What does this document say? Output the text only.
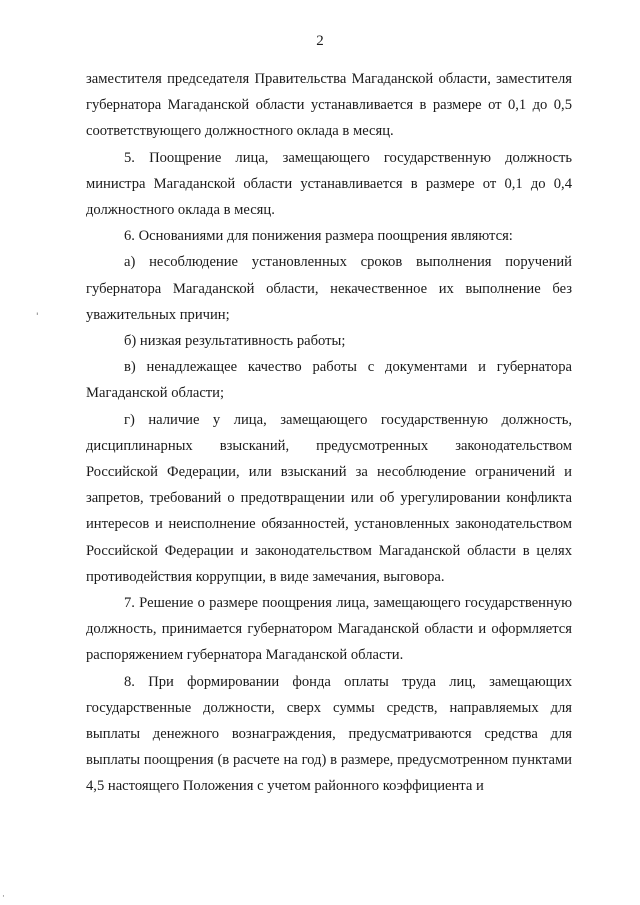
2

заместителя председателя Правительства Магаданской области, заместителя губернатора Магаданской области устанавливается в размере от 0,1 до 0,5 соответствующего должностного оклада в месяц.

5. Поощрение лица, замещающего государственную должность министра Магаданской области устанавливается в размере от 0,1 до 0,4 должностного оклада в месяц.

6. Основаниями для понижения размера поощрения являются:

а) несоблюдение установленных сроков выполнения поручений губернатора Магаданской области, некачественное их выполнение без уважительных причин;

б) низкая результативность работы;

в) ненадлежащее качество работы с документами и губернатора Магаданской области;

г) наличие у лица, замещающего государственную должность, дисциплинарных взысканий, предусмотренных законодательством Российской Федерации, или взысканий за несоблюдение ограничений и запретов, требований о предотвращении или об урегулировании конфликта интересов и неисполнение обязанностей, установленных законодательством Российской Федерации и законодательством Магаданской области в целях противодействия коррупции, в виде замечания, выговора.

7. Решение о размере поощрения лица, замещающего государственную должность, принимается губернатором Магаданской области и оформляется распоряжением губернатора Магаданской области.

8. При формировании фонда оплаты труда лиц, замещающих государственные должности, сверх суммы средств, направляемых для выплаты денежного вознаграждения, предусматриваются средства для выплаты поощрения (в расчете на год) в размере, предусмотренном пунктами 4,5 настоящего Положения с учетом районного коэффициента и

'
·
